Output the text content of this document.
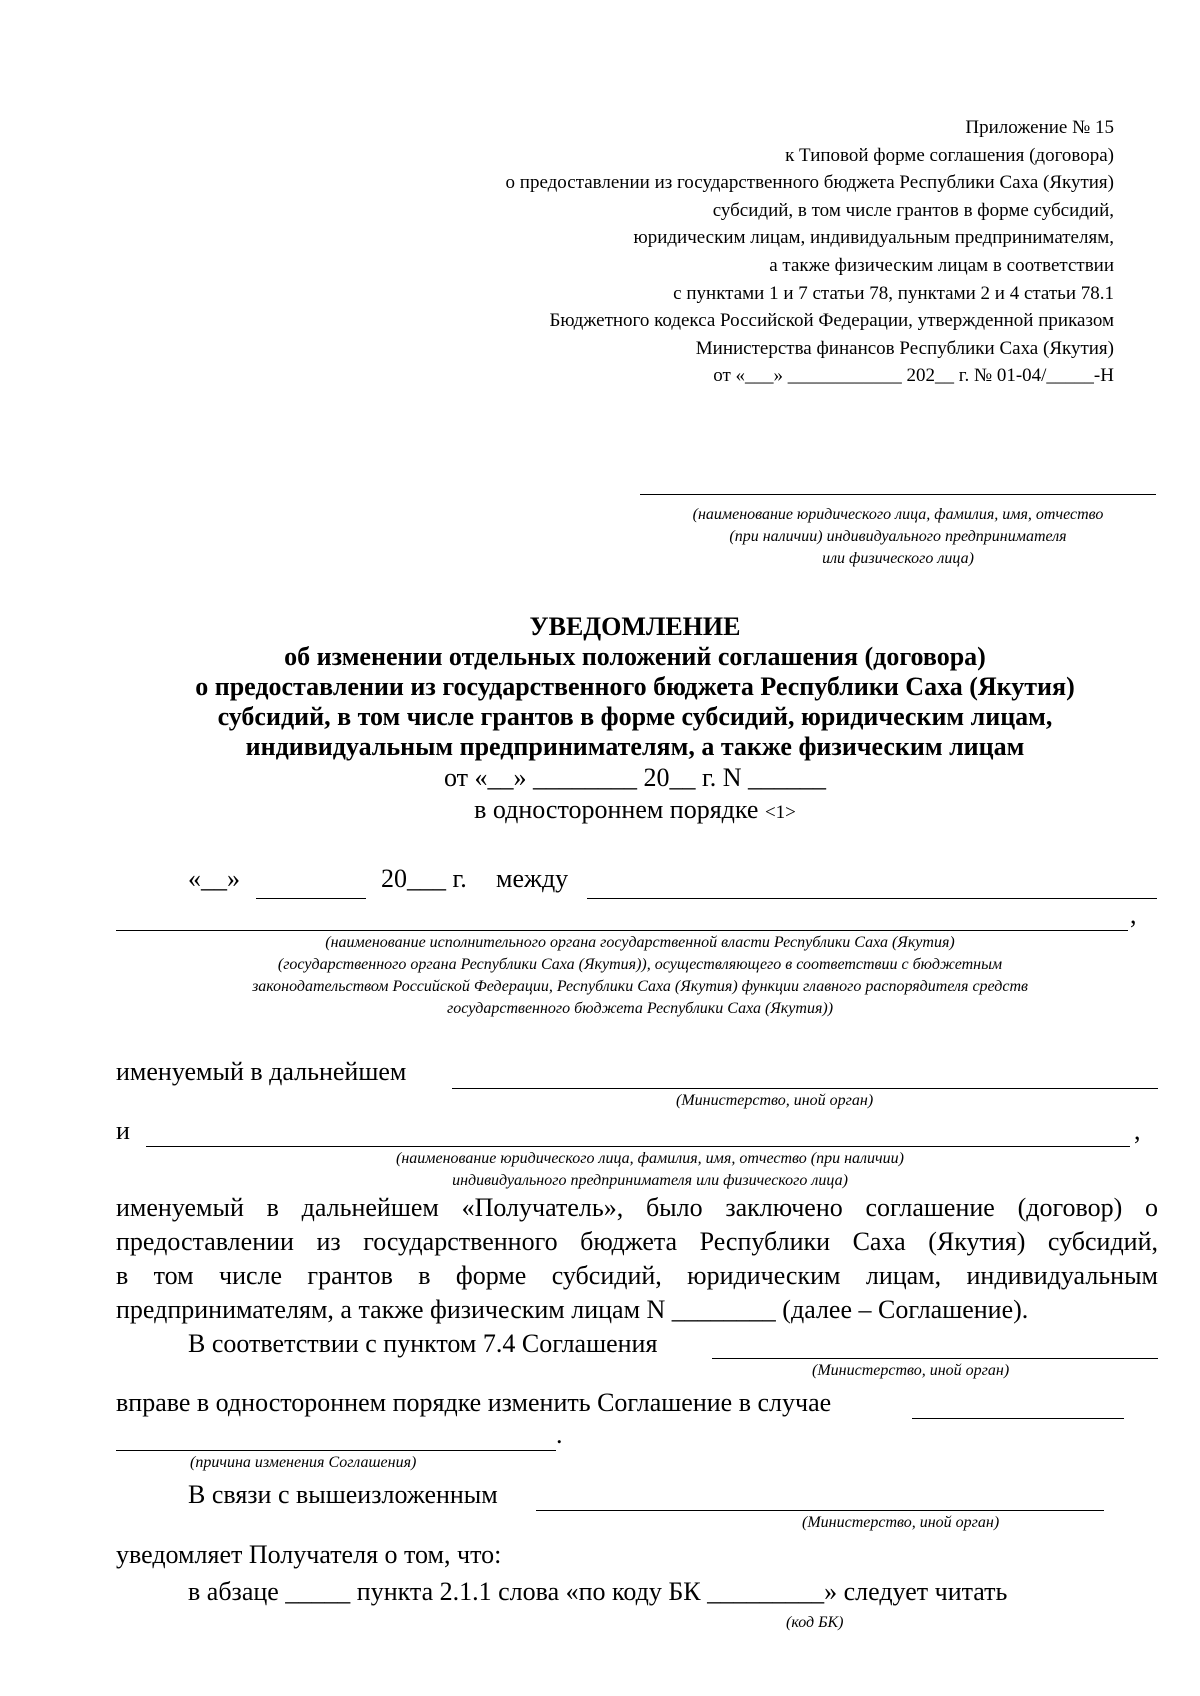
Приложение № 15
к Типовой форме соглашения (договора)
о предоставлении из государственного бюджета Республики Саха (Якутия)
субсидий, в том числе грантов в форме субсидий,
юридическим лицам, индивидуальным предпринимателям,
а также физическим лицам в соответствии
с пунктами 1 и 7 статьи 78, пунктами 2 и 4 статьи 78.1
Бюджетного кодекса Российской Федерации, утвержденной приказом
Министерства финансов Республики Саха (Якутия)
от «___» ____________ 202__ г. № 01-04/_____-Н
(наименование юридического лица, фамилия, имя, отчество
(при наличии) индивидуального предпринимателя
или физического лица)
УВЕДОМЛЕНИЕ
об изменении отдельных положений соглашения (договора)
о предоставлении из государственного бюджета Республики Саха (Якутия)
субсидий, в том числе грантов в форме субсидий, юридическим лицам,
индивидуальным предпринимателям, а также физическим лицам
от «__» ________ 20__ г. N ______
в одностороннем порядке <1>
«__»	20___ г. между
,
(наименование исполнительного органа государственной власти Республики Саха (Якутия)
(государственного органа Республики Саха (Якутия)), осуществляющего в соответствии с бюджетным
законодательством Российской Федерации, Республики Саха (Якутия) функции главного распорядителя средств
государственного бюджета Республики Саха (Якутия))
именуемый в дальнейшем
(Министерство, иной орган)
и	,
(наименование юридического лица, фамилия, имя, отчество (при наличии)
индивидуального предпринимателя или физического лица)
именуемый в дальнейшем «Получатель», было заключено соглашение (договор) о
предоставлении из государственного бюджета Республики Саха (Якутия) субсидий,
в том числе грантов в форме субсидий, юридическим лицам, индивидуальным
предпринимателям, а также физическим лицам N ________ (далее – Соглашение).
В соответствии с пунктом 7.4 Соглашения
(Министерство, иной орган)
вправе в одностороннем порядке изменить Соглашение в случае
.
(причина изменения Соглашения)
В связи с вышеизложенным
(Министерство, иной орган)
уведомляет Получателя о том, что:
в абзаце _____ пункта 2.1.1 слова «по коду БК _________» следует читать
(код БК)
